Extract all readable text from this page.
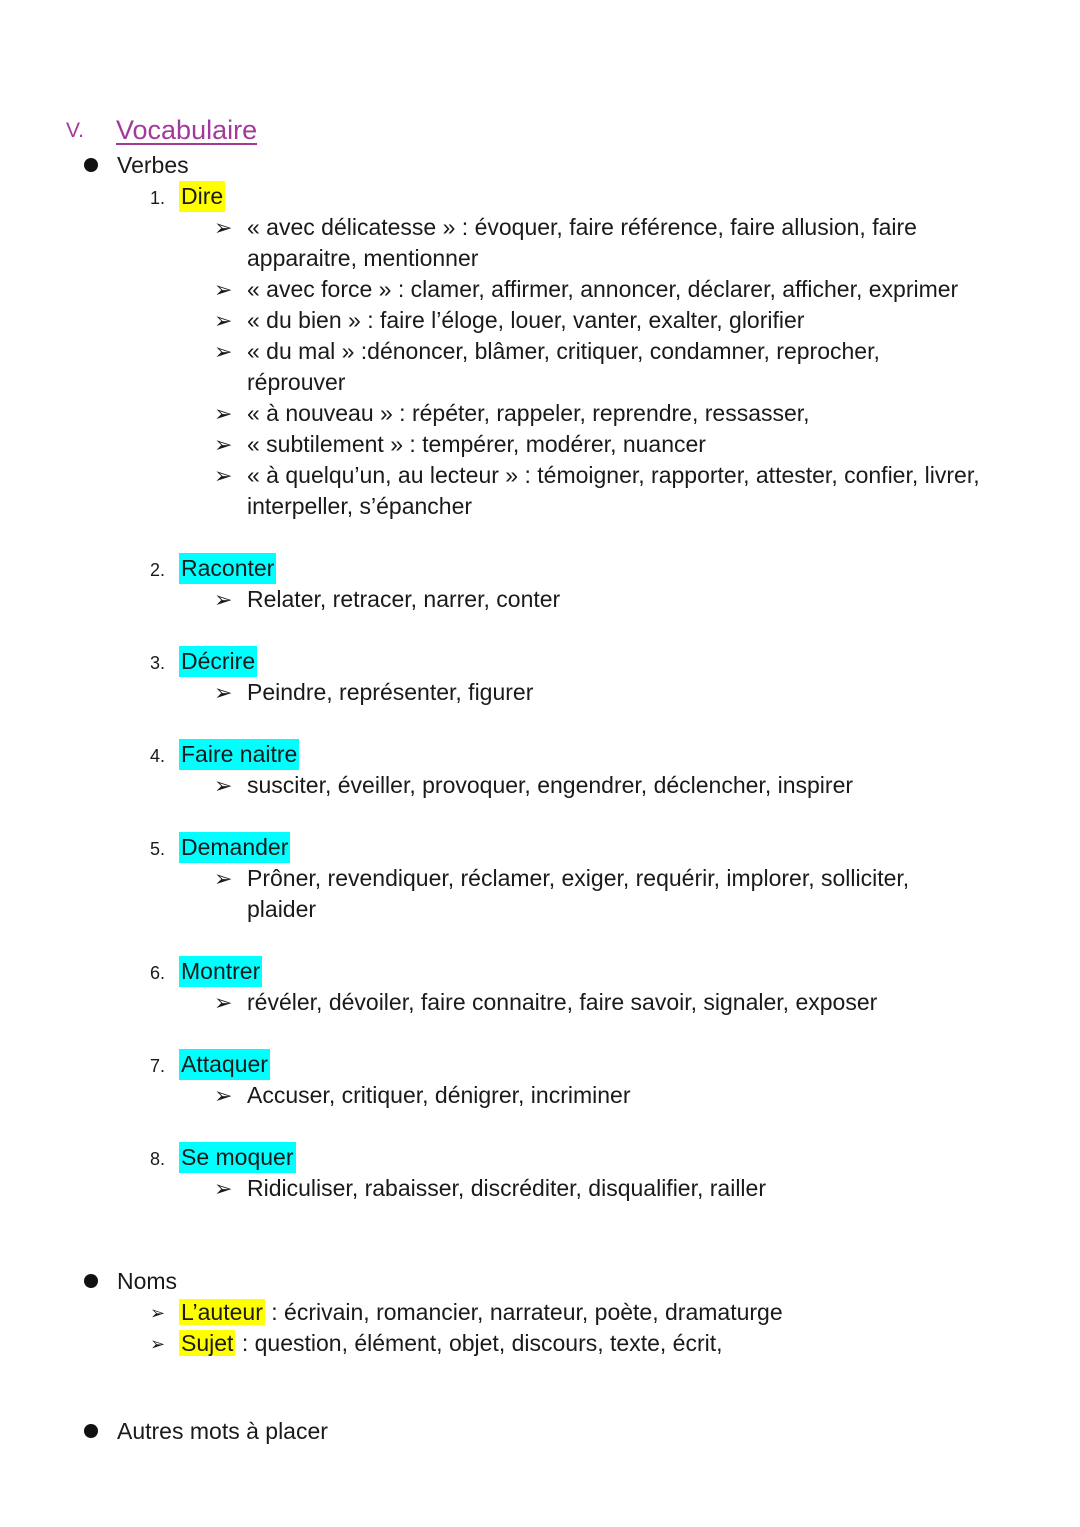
V. Vocabulaire
Verbes
1. Dire
➢ « avec délicatesse » : évoquer, faire référence, faire allusion, faire
apparaitre, mentionner
➢ « avec force » : clamer, affirmer, annoncer, déclarer, afficher, exprimer
➢ « du bien » : faire l’éloge, louer, vanter, exalter, glorifier
➢ « du mal » :dénoncer, blâmer, critiquer, condamner, reprocher,
réprouver
➢ « à nouveau » : répéter, rappeler, reprendre, ressasser,
➢ « subtilement » : tempérer, modérer, nuancer
➢ « à quelqu’un, au lecteur » : témoigner, rapporter, attester, confier, livrer,
interpeller, s’épancher
2. Raconter
➢ Relater, retracer, narrer, conter
3. Décrire
➢ Peindre, représenter, figurer
4. Faire naitre
➢ susciter, éveiller, provoquer, engendrer, déclencher, inspirer
5. Demander
➢ Prôner, revendiquer, réclamer, exiger, requérir, implorer, solliciter,
plaider
6. Montrer
➢ révéler, dévoiler, faire connaitre, faire savoir, signaler, exposer
7. Attaquer
➢ Accuser, critiquer, dénigrer, incriminer
8. Se moquer
➢ Ridiculiser, rabaisser, discréditer, disqualifier, railler
Noms
➢ L’auteur : écrivain, romancier, narrateur, poète, dramaturge
➢ Sujet : question, élément, objet, discours, texte, écrit,
Autres mots à placer
